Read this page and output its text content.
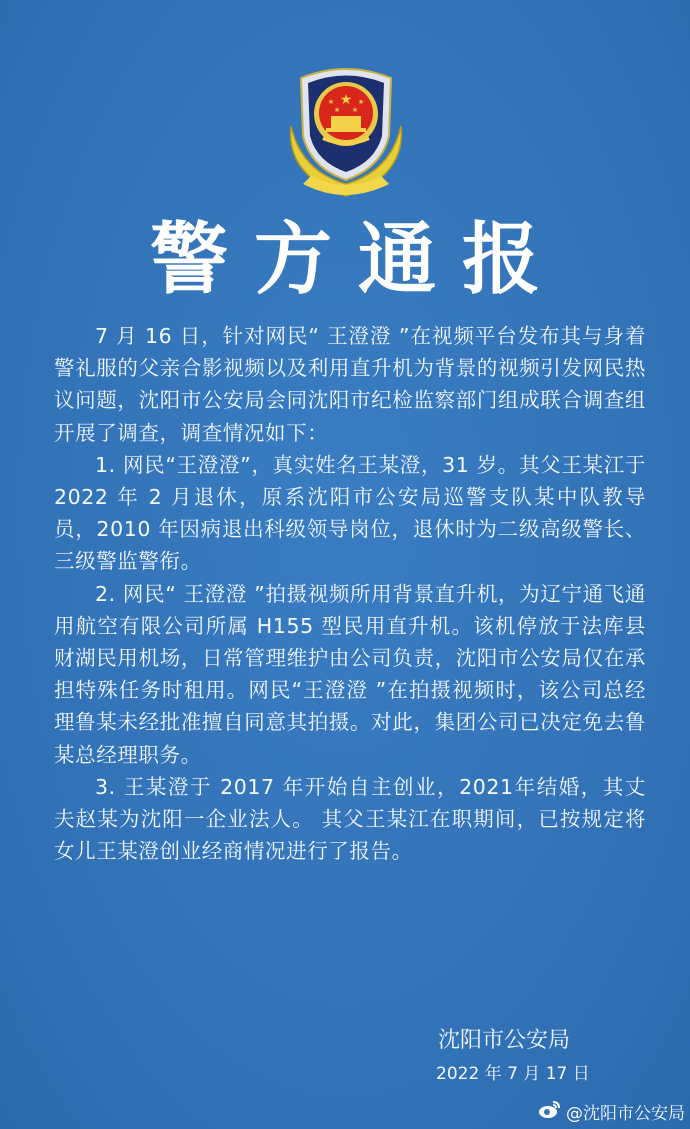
★
★	★
★ ★
警方通报

7 月 16 日，针对网民“ 王澄澄 ”在视频平台发布其与身着警礼服的父亲合影视频以及利用直升机为背景的视频引发网民热议问题，沈阳市公安局会同沈阳市纪检监察部门组成联合调查组开展了调查，调查情况如下：

1. 网民“王澄澄”，真实姓名王某澄，31 岁。其父王某江于 2022 年 2 月退休，原系沈阳市公安局巡警支队某中队教导员，2010 年因病退出科级领导岗位，退休时为二级高级警长、三级警监警衔。

2. 网民“ 王澄澄 ”拍摄视频所用背景直升机，为辽宁通飞通用航空有限公司所属 H155 型民用直升机。该机停放于法库县财湖民用机场，日常管理维护由公司负责，沈阳市公安局仅在承担特殊任务时租用。网民“王澄澄 ”在拍摄视频时，该公司总经理鲁某未经批准擅自同意其拍摄。对此，集团公司已决定免去鲁某总经理职务。

3. 王某澄于 2017 年开始自主创业，2021年结婚，其丈夫赵某为沈阳一企业法人。 其父王某江在职期间，已按规定将女儿王某澄创业经商情况进行了报告。

沈阳市公安局
2022 年 7 月 17 日
@沈阳市公安局
